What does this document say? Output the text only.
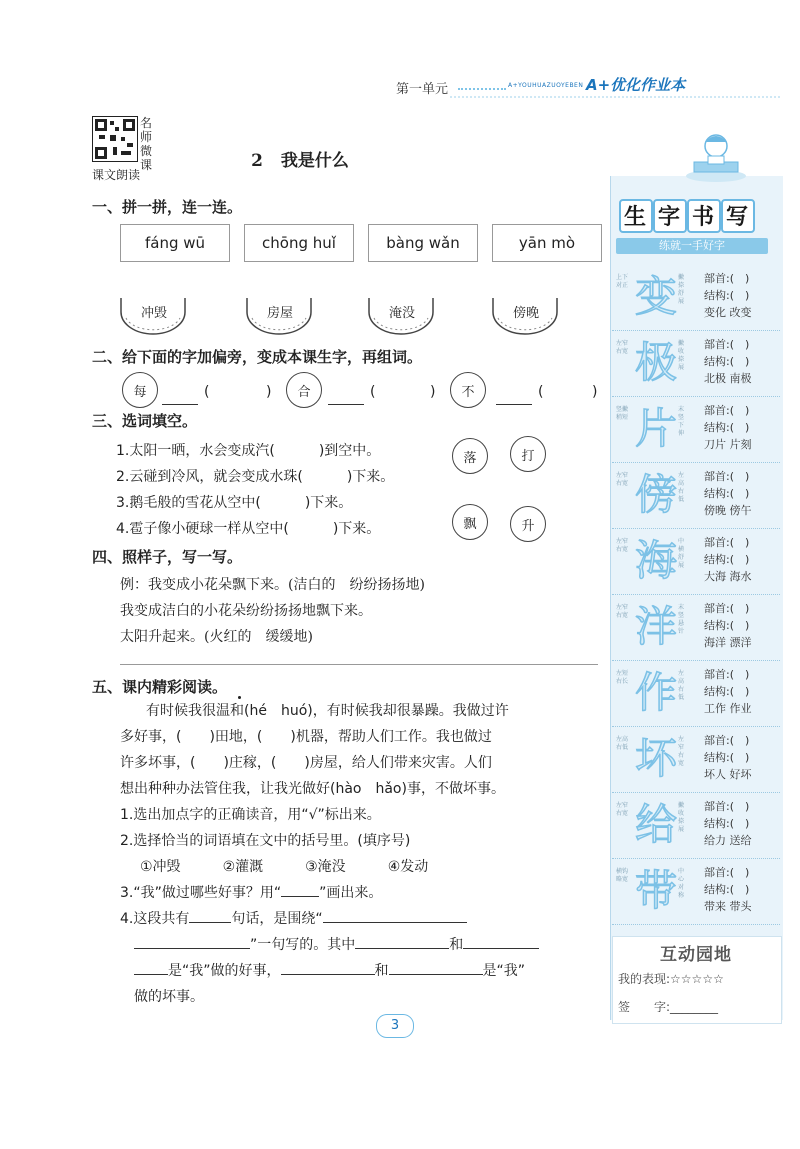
第一单元	A+YOUHUAZUOYEBEN A+优化作业本
名
师
微
课
课文朗读
2 我是什么
一、拼一拼，连一连。
fáng wū	chōng huǐ	bàng wǎn	yān mò
冲毁	房屋	淹没	傍晚
二、给下面的字加偏旁，变成本课生字，再组词。
每	(	)	合	(	)	不	(	)
三、选词填空。
1.太阳一晒，水会变成汽(	)到空中。
2.云碰到冷风，就会变成水珠(	)下来。
3.鹅毛般的雪花从空中(	)下来。
4.雹子像小硬球一样从空中(	)下来。
落	打
飘	升
四、照样子，写一写。
例：我变成小花朵飘下来。(洁白的　纷纷扬扬地)
我变成洁白的小花朵纷纷扬扬地飘下来。
太阳升起来。(火红的　缓缓地)
五、课内精彩阅读。
有时候我很温和(hé　huó)，有时候我却很暴躁。我做过许
多好事，(　　)田地，(　　)机器，帮助人们工作。我也做过
许多坏事，(　　)庄稼，(　　)房屋，给人们带来灾害。人们
想出种种办法管住我，让我光做好(hào　hǎo)事，不做坏事。
1.选出加点字的正确读音，用“√”标出来。
2.选择恰当的词语填在文中的括号里。(填序号)
①冲毁	②灌溉	③淹没	④发动
3.“我”做过哪些好事？用“	”画出来。
4.这段共有	句话，是围绕“
”一句写的。其中	和
是“我”做的好事，	和	是“我”
做的坏事。
生 字 书 写
练就一手好字
上下对正 变 撇捺舒展
部首:(　)
结构:(　)
变化 改变
左窄右宽 极 撇收捺展
部首:(　)
结构:(　)
北极 南极
竖撇稍短 片 末竖下伸
部首:(　)
结构:(　)
刀片 片刻
左窄右宽 傍 左高右低
部首:(　)
结构:(　)
傍晚 傍午
左窄右宽 海 中横舒展
部首:(　)
结构:(　)
大海 海水
左窄右宽 洋 末竖悬针
部首:(　)
结构:(　)
海洋 漂洋
左短右长 作 左高右低
部首:(　)
结构:(　)
工作 作业
左高右低 坏 左窄右宽
部首:(　)
结构:(　)
坏人 好坏
左窄右宽 给 撇收捺展
部首:(　)
结构:(　)
给力 送给
横钩略宽 带 中心对称
部首:(　)
结构:(　)
带来 带头
互动园地
我的表现:☆☆☆☆☆
签　　字:________
3
